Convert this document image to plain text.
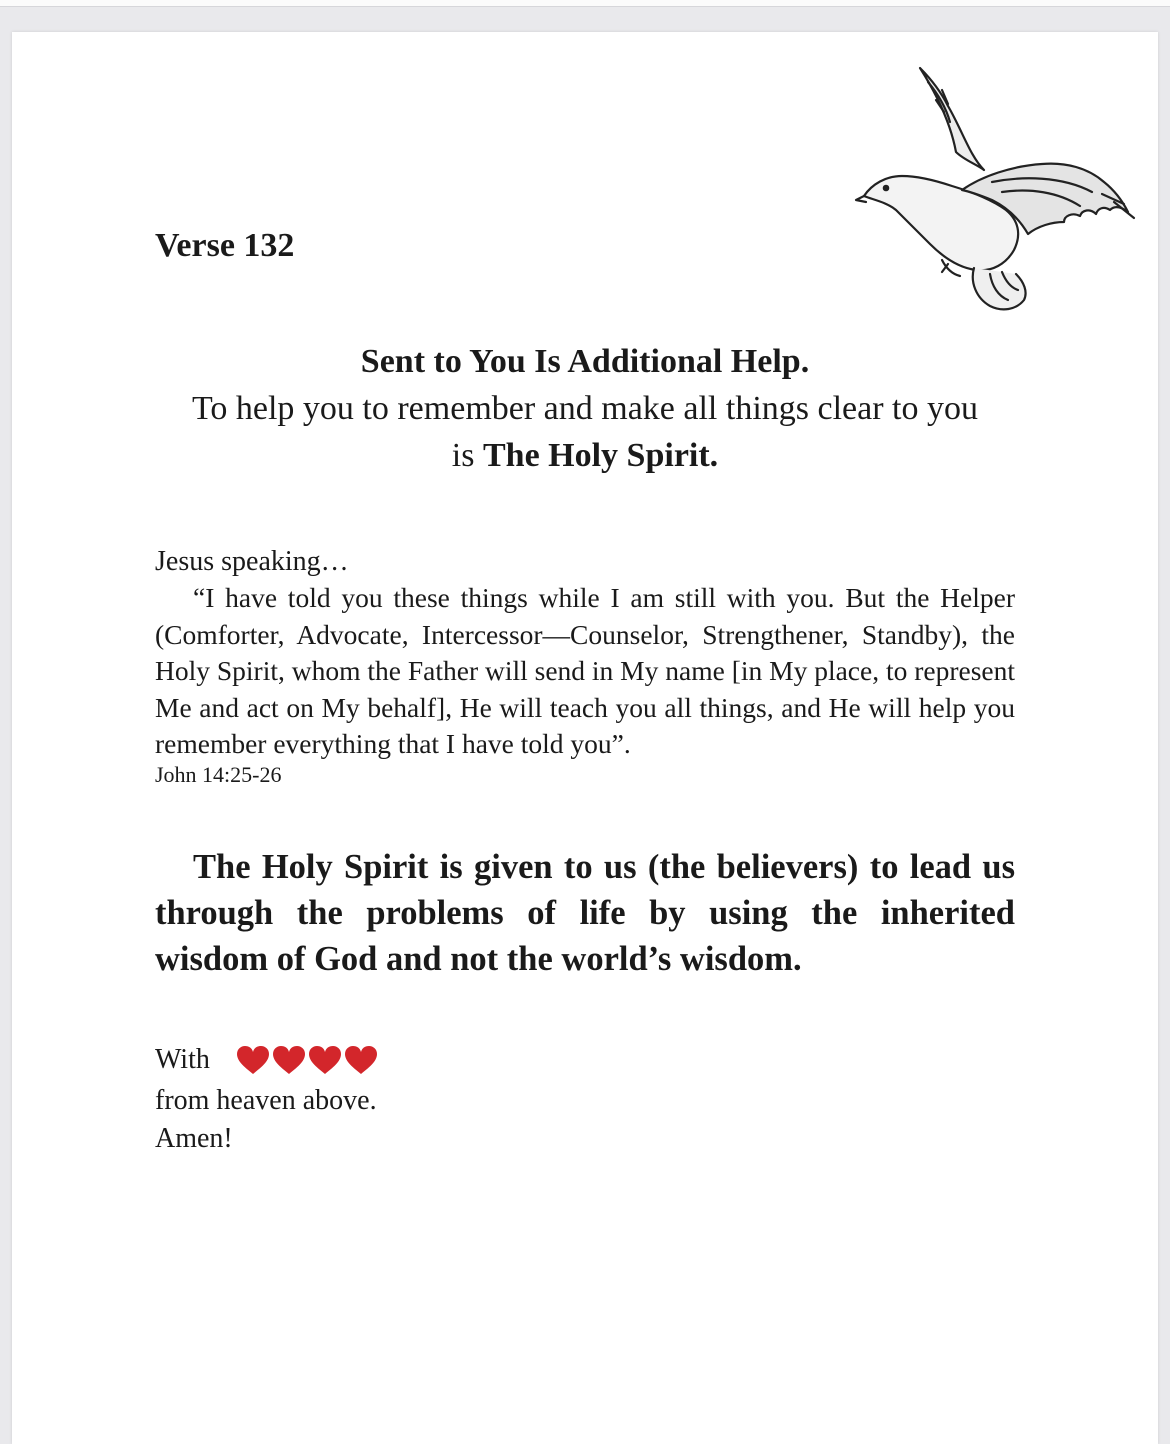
Verse 132
Sent to You Is Additional Help.
To help you to remember and make all things clear to you
is The Holy Spirit.
Jesus speaking…
“I have told you these things while I am still with you. But the Helper (Comforter, Advocate, Intercessor—Counselor, Strengthener, Standby), the Holy Spirit, whom the Father will send in My name [in My place, to represent Me and act on My behalf], He will teach you all things, and He will help you remember everything that I have told you”.
John 14:25-26
The Holy Spirit is given to us (the believers) to lead us through the problems of life by using the inherited wisdom of God and not the world’s wisdom.
With
from heaven above.
Amen!
